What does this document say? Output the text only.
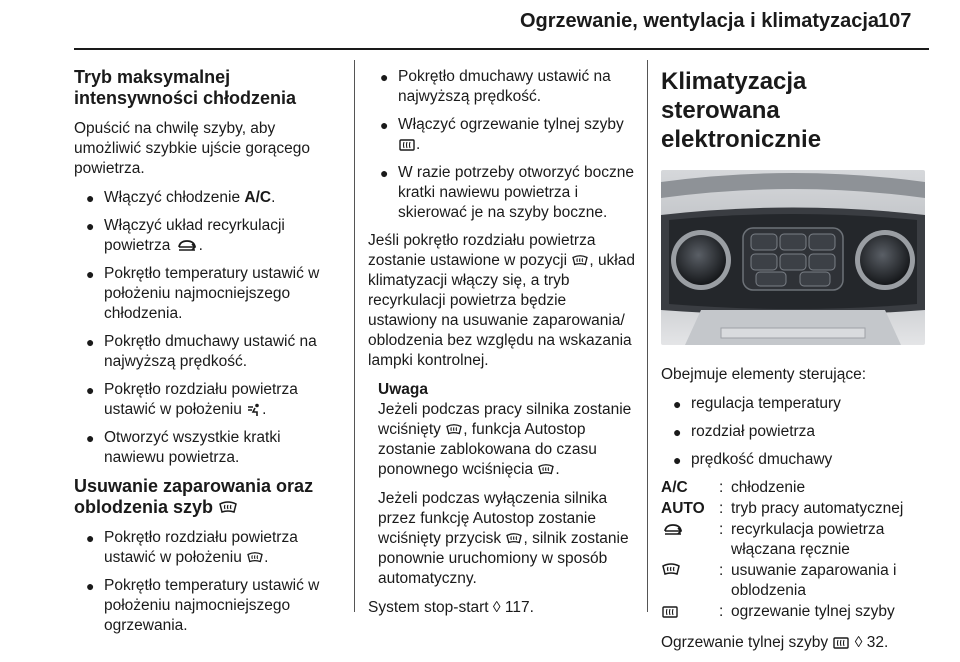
Ogrzewanie, wentylacja i klimatyzacja
107
Tryb maksymalnej intensywności chłodzenia

Opuścić na chwilę szyby, aby umożliwić szybkie ujście gorącego powietrza.

● Włączyć chłodzenie A/C.
● Włączyć układ recyrkulacji powietrza .
● Pokrętło temperatury ustawić w położeniu najmocniejszego chłodzenia.
● Pokrętło dmuchawy ustawić na najwyższą prędkość.
● Pokrętło rozdziału powietrza ustawić w położeniu .
● Otworzyć wszystkie kratki nawiewu powietrza.
Usuwanie zaparowania oraz oblodzenia szyb
● Pokrętło rozdziału powietrza ustawić w położeniu .
● Pokrętło temperatury ustawić w położeniu najmocniejszego ogrzewania.
● Pokrętło dmuchawy ustawić na najwyższą prędkość.
● Włączyć ogrzewanie tylnej szyby .
● W razie potrzeby otworzyć boczne kratki nawiewu powietrza i skierować je na szyby boczne.

Jeśli pokrętło rozdziału powietrza zostanie ustawione w pozycji , układ klimatyzacji włączy się, a tryb recyrkulacji powietrza będzie ustawiony na usuwanie zaparowania/ oblodzenia bez względu na wskazania lampki kontrolnej.

Uwaga

Jeżeli podczas pracy silnika zostanie wciśnięty , funkcja Autostop zostanie zablokowana do czasu ponownego wciśnięcia .

Jeżeli podczas wyłączenia silnika przez funkcję Autostop zostanie wciśnięty przycisk , silnik zostanie ponownie uruchomiony w sposób automatyczny.

System stop-start ◊ 117.

Klimatyzacja sterowana elektronicznie

Obejmuje elementy sterujące:

● regulacja temperatury
● rozdział powietrza
● prędkość dmuchawy
A/C	:	chłodzenie
AUTO	:	tryb pracy automatycznej
	:	recyrkulacja powietrza włączana ręcznie
	:	usuwanie zaparowania i oblodzenia
	:	ogrzewanie tylnej szyby

Ogrzewanie tylnej szyby ◊ 32.
